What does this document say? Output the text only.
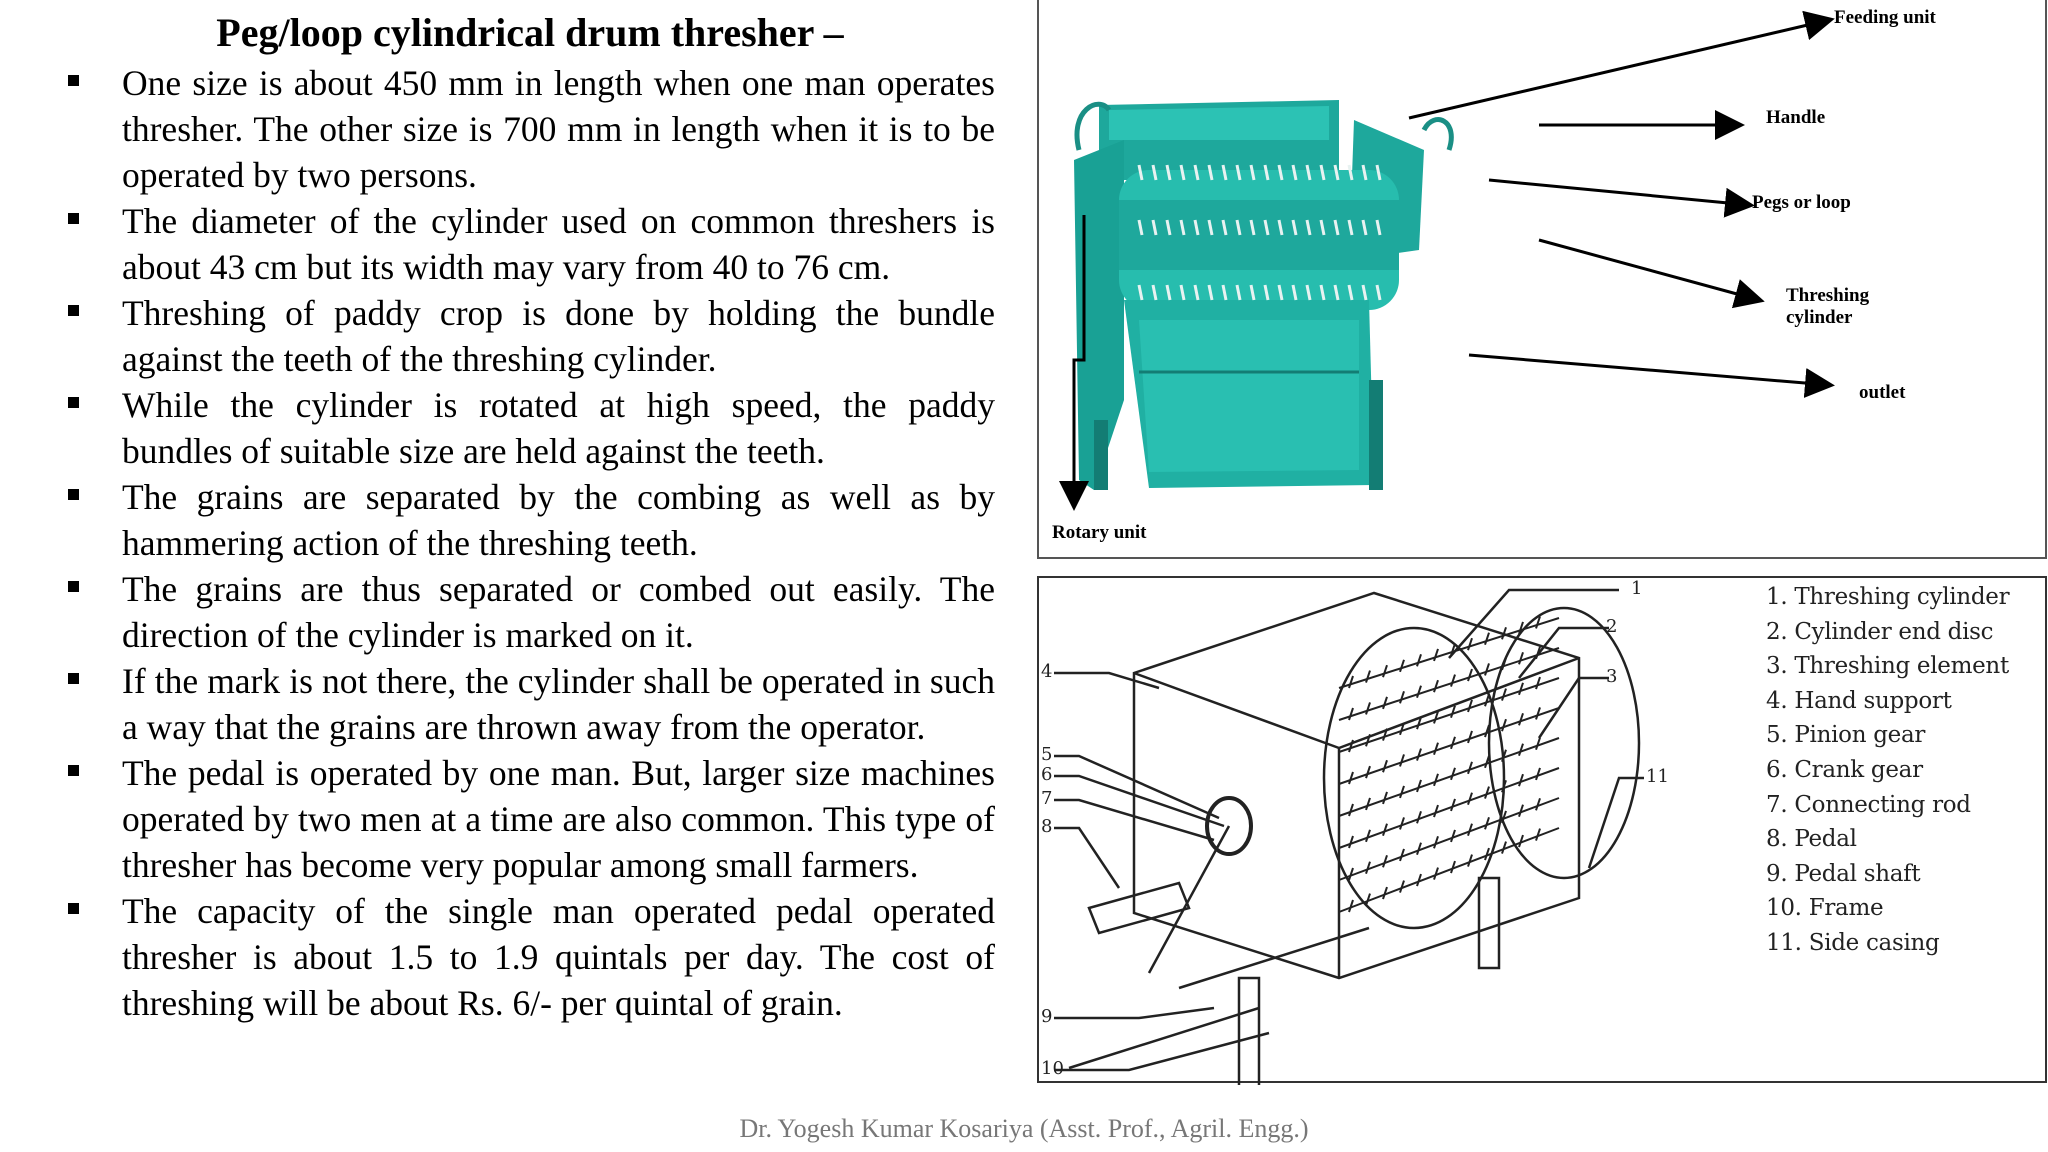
Peg/loop cylindrical drum thresher –
One size is about 450 mm in length when one man operates thresher. The other size is 700 mm in length when it is to be operated by two persons.
The diameter of the cylinder used on common threshers is about 43 cm but its width may vary from 40 to 76 cm.
Threshing of paddy crop is done by holding the bundle against the teeth of the threshing cylinder.
While the cylinder is rotated at high speed, the paddy bundles of suitable size are held against the teeth.
The grains are separated by the combing as well as by hammering action of the threshing teeth.
The grains are thus separated or combed out easily. The direction of the cylinder is marked on it.
If the mark is not there, the cylinder shall be operated in such a way that the grains are thrown away from the operator.
The pedal is operated by one man. But, larger size machines operated by two men at a time are also common. This type of thresher has become very popular among small farmers.
The capacity of the single man operated pedal operated thresher is about 1.5 to 1.9 quintals per day. The cost of threshing will be about Rs. 6/- per quintal of grain.
Dr. Yogesh Kumar Kosariya (Asst. Prof., Agril. Engg.)
Feeding unit
Handle
Pegs or loop
Threshing
cylinder
outlet
Rotary unit
1
2
3
4
5
6
7
8
9
10
11
1. Threshing cylinder
2. Cylinder end disc
3. Threshing element
4. Hand support
5. Pinion gear
6. Crank gear
7. Connecting rod
8. Pedal
9. Pedal shaft
10. Frame
11. Side casing
